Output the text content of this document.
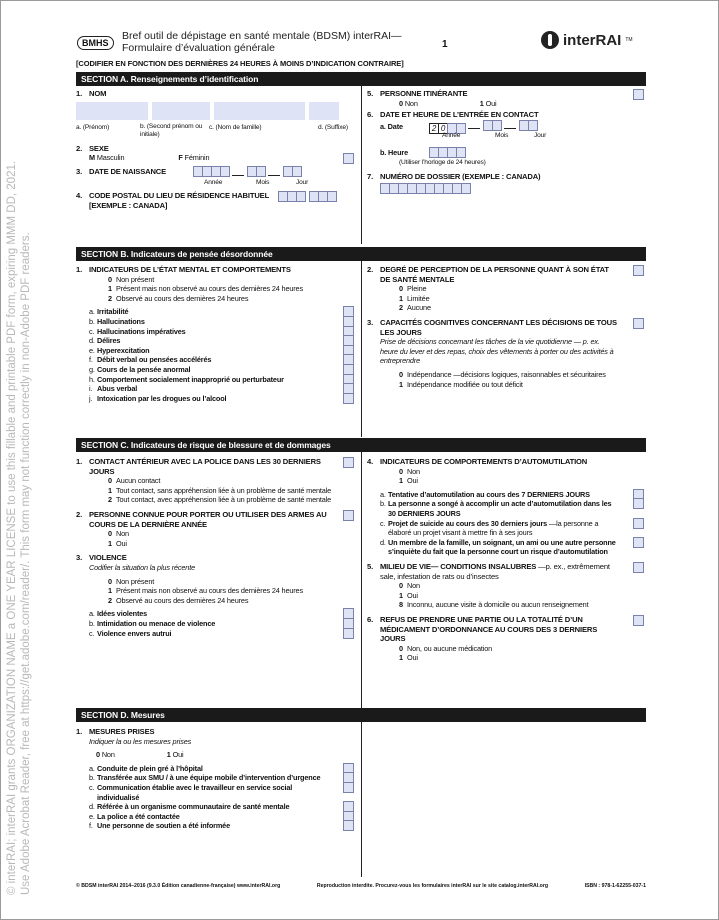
© interRAI; interRAI grants ORGANIZATION NAME a ONE YEAR LICENSE to use this fillable and printable PDF form, expiring MMM DD, 2021. Use Adobe Acrobat Reader, free at https://get.adobe.com/reader/. This form may not function correctly in non-Adobe PDF readers.
BMHS
Bref outil de dépistage en santé mentale (BDSM) interRAI—
Formulaire d’évaluation générale	1	interRAI TM
[CODIFIER EN FONCTION DES DERNIÈRES 24 HEURES À MOINS D’INDICATION CONTRAIRE]
SECTION A. Renseignements d’identification
1. NOM
a. (Prénom)	b. (Second prénom ou initiale)
c. (Nom de famille)	d. (Suffixe)
2. SEXE
M Masculin	F Féminin
3. DATE DE NAISSANCE
Année	Mois	Jour
4. CODE POSTAL DU LIEU DE RÉSIDENCE HABITUEL
[EXEMPLE : CANADA]
5. PERSONNE ITINÉRANTE
0 Non	1 Oui
6. DATE ET HEURE DE L’ENTRÉE EN CONTACT
a. Date	2 0
Année	Mois	Jour
b. Heure
(Utiliser l’horloge de 24 heures)
7. NUMÉRO DE DOSSIER (EXEMPLE : CANADA)
SECTION B. Indicateurs de pensée désordonnée
1. INDICATEURS DE L’ÉTAT MENTAL ET COMPORTEMENTS
0 Non présent
1 Présent mais non observé au cours des dernières 24 heures
2 Observé au cours des dernières 24 heures
a. Irritabilité
b. Hallucinations
c. Hallucinations impératives
d. Délires
e. Hyperexcitation
f. Débit verbal ou pensées accélérés
g. Cours de la pensée anormal
h. Comportement socialement inapproprié ou perturbateur
i. Abus verbal
j. Intoxication par les drogues ou l’alcool
2. DEGRÉ DE PERCEPTION DE LA PERSONNE QUANT À SON ÉTAT DE SANTÉ MENTALE
0 Pleine
1 Limitée
2 Aucune
3. CAPACITÉS COGNITIVES CONCERNANT LES DÉCISIONS DE TOUS LES JOURS
Prise de décisions concernant les tâches de la vie quotidienne — p. ex. heure du lever et des repas, choix des vêtements à porter ou des activités à entreprendre
0 Indépendance —décisions logiques, raisonnables et sécuritaires
1 Indépendance modifiée ou tout déficit
SECTION C. Indicateurs de risque de blessure et de dommages
1. CONTACT ANTÉRIEUR AVEC LA POLICE DANS LES 30 DERNIERS JOURS
0 Aucun contact
1 Tout contact, sans appréhension liée à un problème de santé mentale
2 Tout contact, avec appréhension liée à un problème de santé mentale
2. PERSONNE CONNUE POUR PORTER OU UTILISER DES ARMES AU COURS DE LA DERNIÈRE ANNÉE
0 Non
1 Oui
3. VIOLENCE
Codifier la situation la plus récente
0 Non présent
1 Présent mais non observé au cours des dernières 24 heures
2 Observé au cours des dernières 24 heures
a. Idées violentes
b. Intimidation ou menace de violence
c. Violence envers autrui
4. INDICATEURS DE COMPORTEMENTS D’AUTOMUTILATION
0 Non
1 Oui
a. Tentative d’automutilation au cours des 7 DERNIERS JOURS
b. La personne a songé à accomplir un acte d’automutilation dans les 30 DERNIERS JOURS
c. Projet de suicide au cours des 30 derniers jours —la personne a élaboré un projet visant à mettre fin à ses jours
d. Un membre de la famille, un soignant, un ami ou une autre personne s’inquiète du fait que la personne court un risque d’automutilation
5. MILIEU DE VIE— CONDITIONS INSALUBRES —p. ex., extrêmement sale, infestation de rats ou d’insectes
0 Non
1 Oui
8 Inconnu, aucune visite à domicile ou aucun renseignement
6. REFUS DE PRENDRE UNE PARTIE OU LA TOTALITÉ D’UN MÉDICAMENT D’ORDONNANCE AU COURS DES 3 DERNIERS JOURS
0 Non, ou aucune médication
1 Oui
SECTION D. Mesures
1. MESURES PRISES
Indiquer la ou les mesures prises
0 Non	1 Oui
a. Conduite de plein gré à l’hôpital
b. Transférée aux SMU / à une équipe mobile d’intervention d’urgence
c. Communication établie avec le travailleur en service social individualisé
d. Référée à un organisme communautaire de santé mentale
e. La police a été contactée
f. Une personne de soutien a été informée
© BDSM interRAI 2014–2016 (9.3.0 Édition canadienne-française) www.interRAI.org	Reproduction interdite. Procurez-vous les formulaires interRAI sur le site catalog.interRAI.org	ISBN : 978-1-62255-037-1
